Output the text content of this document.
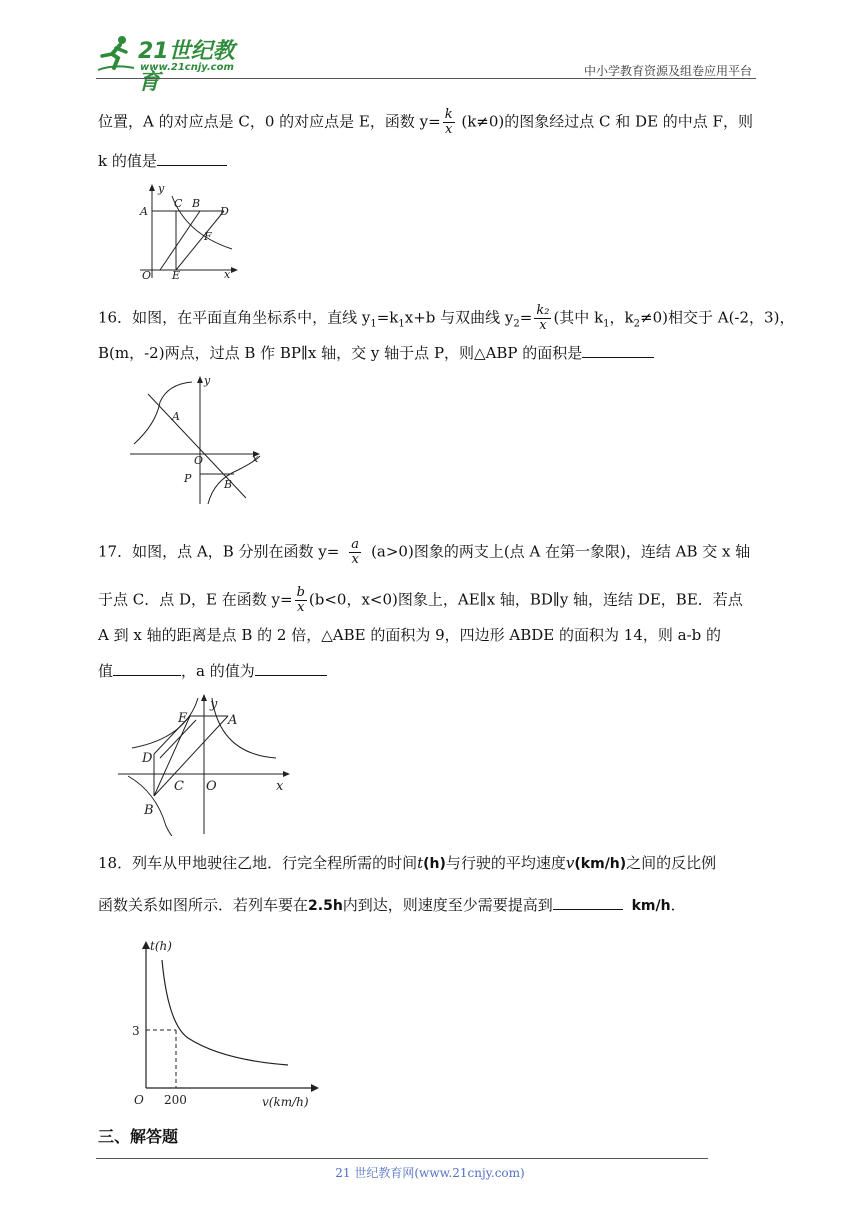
21世纪教育
www.21cnjy.com	中小学教育资源及组卷应用平台
位置，A 的对应点是 C，0 的对应点是 E，函数 $y= \frac{k}{x} (k\ne 0)$的图象经过点 C 和 DE 的中点 F，则
k 的值是
y
A
C B
D
F
O E	x
16．如图，在平面直角坐标系中，直线 $y_1=k_1x+b$ 与双曲线 $y_2= \frac{\text{k₂}}{x}$ (其中 $k_1$，$k_2\ne 0$)相交于 A(-2，3)，
B(m，-2)两点，过点 B 作 BP∥x 轴，交 y 轴于点 P，则△ABP 的面积是
y
A
O	x
P	B
17．如图，点 A，B 分别在函数 $y= \frac{a}{x} (a>0)$图象的两支上(点 A 在第一象限)，连结 AB 交 x 轴
于点 C．点 D，E 在函数 $y= \frac{b}{x} (b<0$，x<0)图象上，AE∥x 轴，BD∥y 轴，连结 DE，BE．若点
A 到 x 轴的距离是点 B 的 2 倍，△ABE 的面积为 9，四边形 ABDE 的面积为 14，则 a-b 的
值	，a 的值为
y
E	A
D
C O	x
B
18．列车从甲地驶往乙地．行完全程所需的时间t(h)与行驶的平均速度v(km/h)之间的反比例
函数关系如图所示．若列车要在2.5h内到达，则速度至少需要提高到	km/h．
t(h)
3
O 200	v(km/h)
三、解答题
21 世纪教育网(www.21cnjy.com)
